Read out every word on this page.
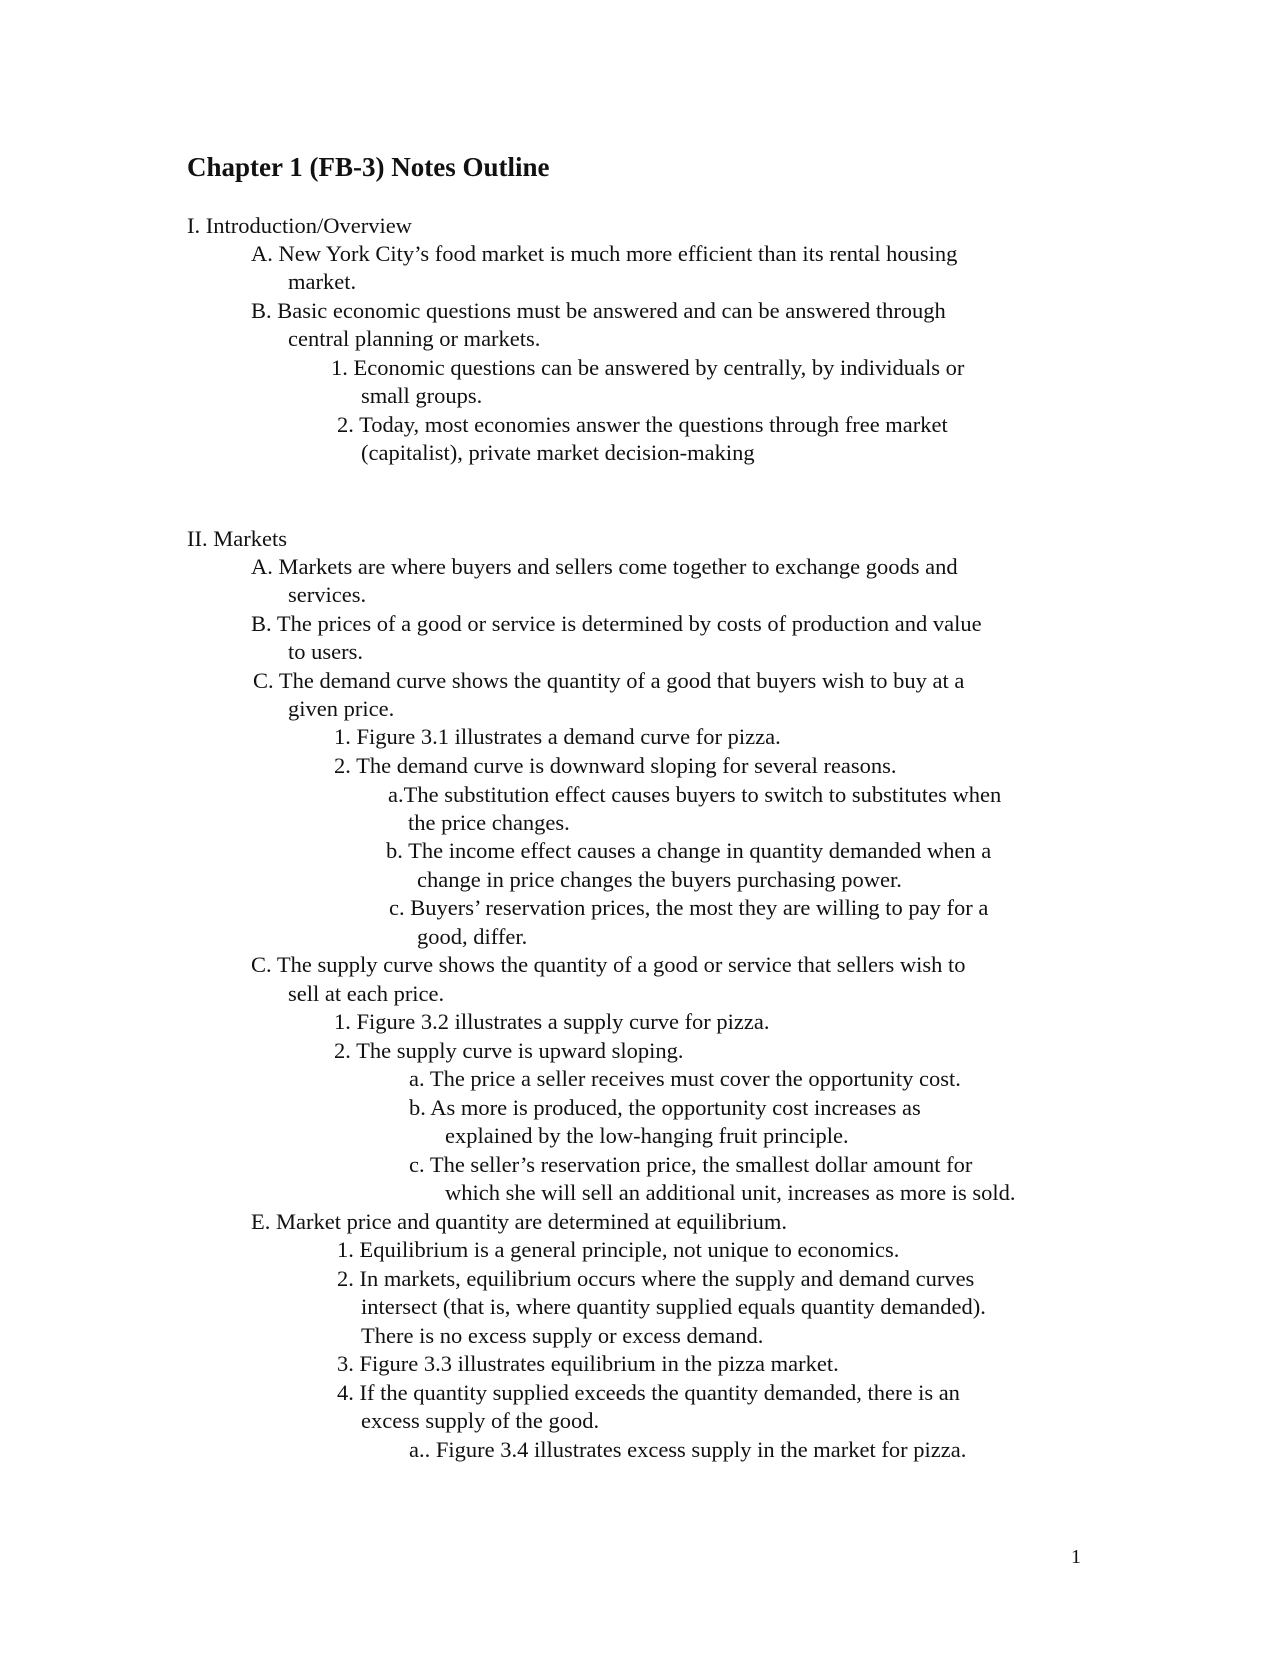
Chapter 1 (FB-3) Notes Outline
I. Introduction/Overview
A. New York City’s food market is much more efficient than its rental housing
market.
B. Basic economic questions must be answered and can be answered through
central planning or markets.
1. Economic questions can be answered by centrally, by individuals or
small groups.
2. Today, most economies answer the questions through free market
(capitalist), private market decision-making
II. Markets
A. Markets are where buyers and sellers come together to exchange goods and
services.
B. The prices of a good or service is determined by costs of production and value
to users.
C. The demand curve shows the quantity of a good that buyers wish to buy at a
given price.
1. Figure 3.1 illustrates a demand curve for pizza.
2. The demand curve is downward sloping for several reasons.
a.The substitution effect causes buyers to switch to substitutes when
the price changes.
b. The income effect causes a change in quantity demanded when a
change in price changes the buyers purchasing power.
c. Buyers’ reservation prices, the most they are willing to pay for a
good, differ.
C. The supply curve shows the quantity of a good or service that sellers wish to
sell at each price.
1. Figure 3.2 illustrates a supply curve for pizza.
2. The supply curve is upward sloping.
a. The price a seller receives must cover the opportunity cost.
b. As more is produced, the opportunity cost increases as
explained by the low-hanging fruit principle.
c. The seller’s reservation price, the smallest dollar amount for
which she will sell an additional unit, increases as more is sold.
E. Market price and quantity are determined at equilibrium.
1. Equilibrium is a general principle, not unique to economics.
2. In markets, equilibrium occurs where the supply and demand curves
intersect (that is, where quantity supplied equals quantity demanded).
There is no excess supply or excess demand.
3. Figure 3.3 illustrates equilibrium in the pizza market.
4. If the quantity supplied exceeds the quantity demanded, there is an
excess supply of the good.
a.. Figure 3.4 illustrates excess supply in the market for pizza.
1
